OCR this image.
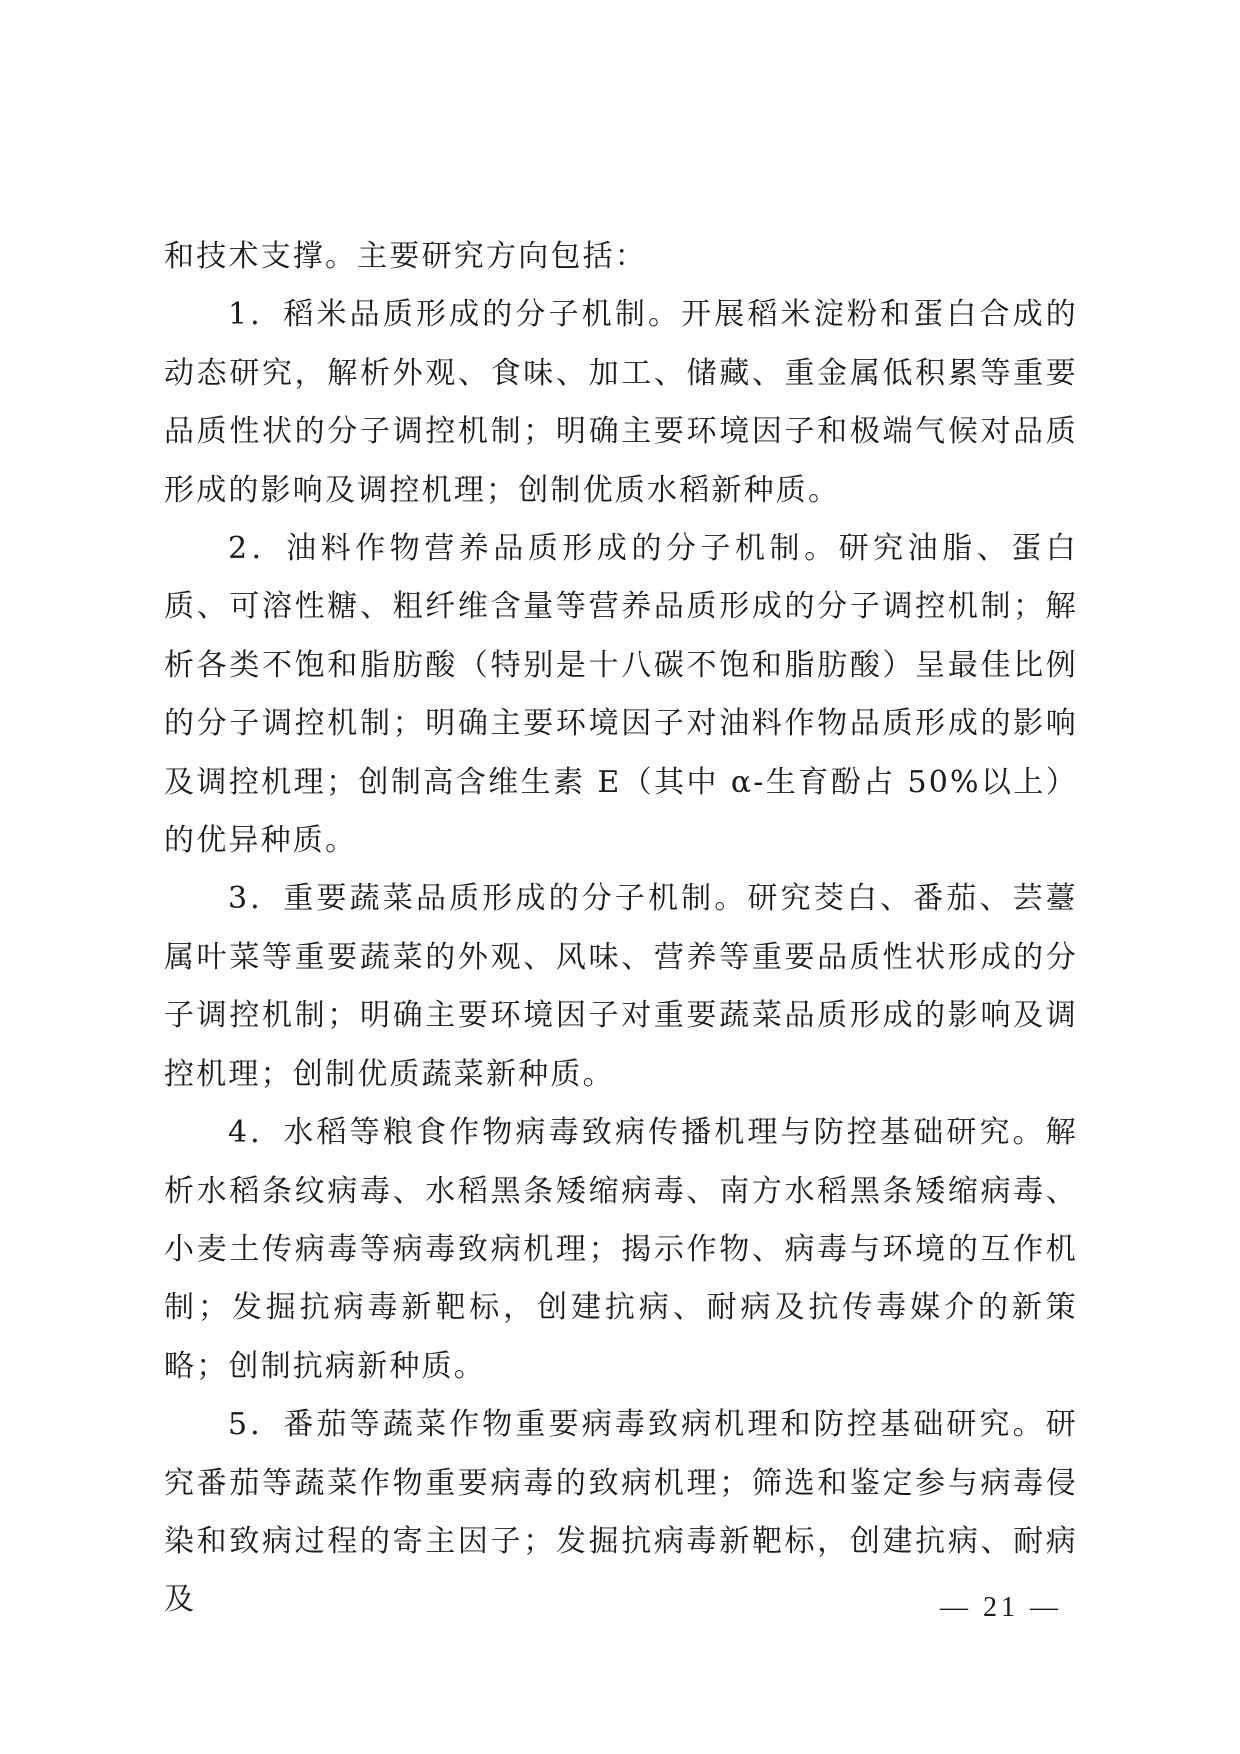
和技术支撑。主要研究方向包括：

1．稻米品质形成的分子机制。开展稻米淀粉和蛋白合成的动态研究，解析外观、食味、加工、储藏、重金属低积累等重要品质性状的分子调控机制；明确主要环境因子和极端气候对品质形成的影响及调控机理；创制优质水稻新种质。

2．油料作物营养品质形成的分子机制。研究油脂、蛋白质、可溶性糖、粗纤维含量等营养品质形成的分子调控机制；解析各类不饱和脂肪酸（特别是十八碳不饱和脂肪酸）呈最佳比例的分子调控机制；明确主要环境因子对油料作物品质形成的影响及调控机理；创制高含维生素 E（其中 α-生育酚占 50%以上）的优异种质。

3．重要蔬菜品质形成的分子机制。研究茭白、番茄、芸薹属叶菜等重要蔬菜的外观、风味、营养等重要品质性状形成的分子调控机制；明确主要环境因子对重要蔬菜品质形成的影响及调控机理；创制优质蔬菜新种质。

4．水稻等粮食作物病毒致病传播机理与防控基础研究。解析水稻条纹病毒、水稻黑条矮缩病毒、南方水稻黑条矮缩病毒、小麦土传病毒等病毒致病机理；揭示作物、病毒与环境的互作机制；发掘抗病毒新靶标，创建抗病、耐病及抗传毒媒介的新策略；创制抗病新种质。

5．番茄等蔬菜作物重要病毒致病机理和防控基础研究。研究番茄等蔬菜作物重要病毒的致病机理；筛选和鉴定参与病毒侵染和致病过程的寄主因子；发掘抗病毒新靶标，创建抗病、耐病及	— 21 —
